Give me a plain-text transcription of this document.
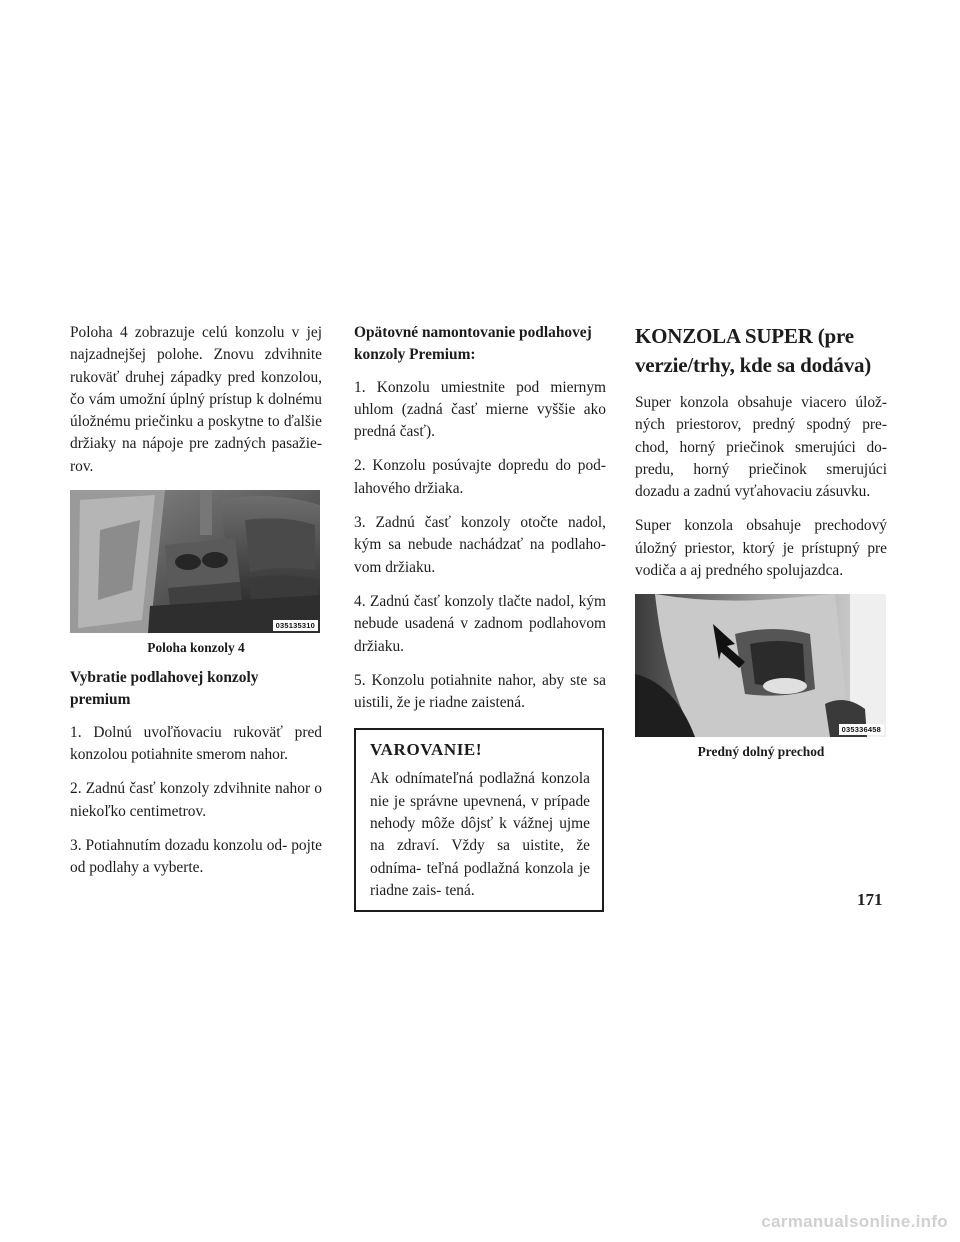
Poloha 4 zobrazuje celú konzolu v jej najzadnejšej polohe. Znovu zdvihnite rukoväť druhej západky pred konzolou, čo vám umožní úplný prístup k dolnému úložnému priečinku a poskytne to ďalšie držiaky na nápoje pre zadných pasažie- rov.

035135310
Poloha konzoly 4
Vybratie podlahovej konzoly premium

1. Dolnú uvoľňovaciu rukoväť pred konzolou potiahnite smerom nahor.

2. Zadnú časť konzoly zdvihnite nahor o niekoľko centimetrov.

3. Potiahnutím dozadu konzolu od- pojte od podlahy a vyberte.

Opätovné namontovanie podlahovej konzoly Premium:

1. Konzolu umiestnite pod miernym uhlom (zadná časť mierne vyššie ako predná časť).

2. Konzolu posúvajte dopredu do pod- lahového držiaka.

3. Zadnú časť konzoly otočte nadol, kým sa nebude nachádzať na podlaho- vom držiaku.

4. Zadnú časť konzoly tlačte nadol, kým nebude usadená v zadnom podlahovom držiaku.

5. Konzolu potiahnite nahor, aby ste sa uistili, že je riadne zaistená.

VAROVANIE!

Ak odnímateľná podlažná konzola nie je správne upevnená, v prípade nehody môže dôjsť k vážnej ujme na zdraví. Vždy sa uistite, že odníma- teľná podlažná konzola je riadne zais- tená.

KONZOLA SUPER (pre verzie/trhy, kde sa dodáva)

Super konzola obsahuje viacero úlož- ných priestorov, predný spodný pre- chod, horný priečinok smerujúci do- predu, horný priečinok smerujúci dozadu a zadnú vyťahovaciu zásuvku.

Super konzola obsahuje prechodový úložný priestor, ktorý je prístupný pre vodiča a aj predného spolujazdca.

035336458
Predný dolný prechod
171
carmanualsonline.info
